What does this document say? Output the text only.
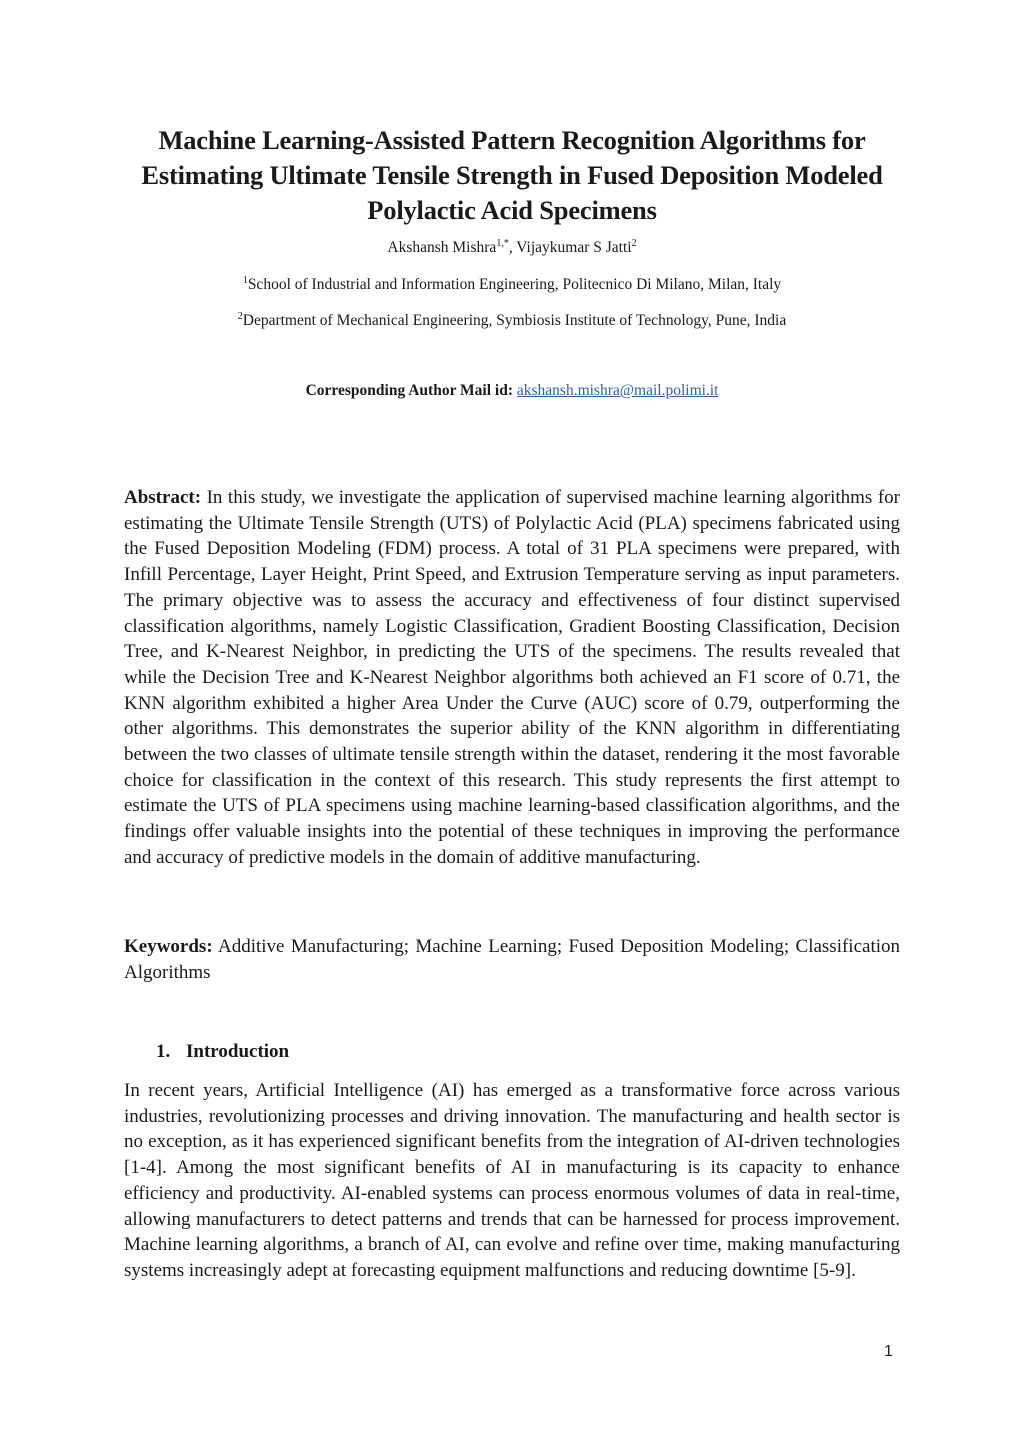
Machine Learning-Assisted Pattern Recognition Algorithms for Estimating Ultimate Tensile Strength in Fused Deposition Modeled Polylactic Acid Specimens
Akshansh Mishra$^{1,*}$, Vijaykumar S Jatti$^2$
$^1$School of Industrial and Information Engineering, Politecnico Di Milano, Milan, Italy
$^2$Department of Mechanical Engineering, Symbiosis Institute of Technology, Pune, India
Corresponding Author Mail id: akshansh.mishra@mail.polimi.it
Abstract: In this study, we investigate the application of supervised machine learning algorithms for estimating the Ultimate Tensile Strength (UTS) of Polylactic Acid (PLA) specimens fabricated using the Fused Deposition Modeling (FDM) process. A total of 31 PLA specimens were prepared, with Infill Percentage, Layer Height, Print Speed, and Extrusion Temperature serving as input parameters. The primary objective was to assess the accuracy and effectiveness of four distinct supervised classification algorithms, namely Logistic Classification, Gradient Boosting Classification, Decision Tree, and K-Nearest Neighbor, in predicting the UTS of the specimens. The results revealed that while the Decision Tree and K-Nearest Neighbor algorithms both achieved an F1 score of 0.71, the KNN algorithm exhibited a higher Area Under the Curve (AUC) score of 0.79, outperforming the other algorithms. This demonstrates the superior ability of the KNN algorithm in differentiating between the two classes of ultimate tensile strength within the dataset, rendering it the most favorable choice for classification in the context of this research. This study represents the first attempt to estimate the UTS of PLA specimens using machine learning-based classification algorithms, and the findings offer valuable insights into the potential of these techniques in improving the performance and accuracy of predictive models in the domain of additive manufacturing.
Keywords: Additive Manufacturing; Machine Learning; Fused Deposition Modeling; Classification Algorithms
1. Introduction
In recent years, Artificial Intelligence (AI) has emerged as a transformative force across various industries, revolutionizing processes and driving innovation. The manufacturing and health sector is no exception, as it has experienced significant benefits from the integration of AI-driven technologies [1-4]. Among the most significant benefits of AI in manufacturing is its capacity to enhance efficiency and productivity. AI-enabled systems can process enormous volumes of data in real-time, allowing manufacturers to detect patterns and trends that can be harnessed for process improvement. Machine learning algorithms, a branch of AI, can evolve and refine over time, making manufacturing systems increasingly adept at forecasting equipment malfunctions and reducing downtime [5-9].
1
